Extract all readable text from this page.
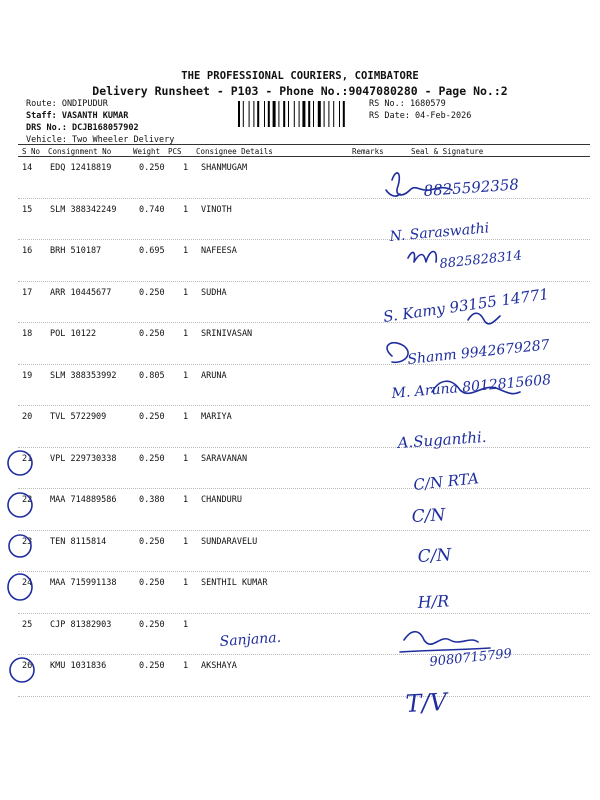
THE PROFESSIONAL COURIERS, COIMBATORE
Delivery Runsheet - P103 - Phone No.:9047080280 - Page No.:2
Route: ONDIPUDUR
Staff: VASANTH KUMAR
DRS No.: DCJB168057902
Vehicle: Two Wheeler Delivery
RS No.: 1680579
RS Date: 04-Feb-2026
S No Consignment No	Weight PCS Consignee Details	Remarks	Seal & Signature
14 EDQ 12418819	0.250 1 SHANMUGAM
15 SLM 388342249	0.740 1 VINOTH
16 BRH 510187	0.695 1 NAFEESA
17 ARR 10445677	0.250 1 SUDHA
18 POL 10122	0.250 1 SRINIVASAN
19 SLM 388353992	0.805 1 ARUNA
20 TVL 5722909	0.250 1 MARIYA
21 VPL 229730338	0.250 1 SARAVANAN
22 MAA 714889586	0.380 1 CHANDURU
23 TEN 8115814	0.250 1 SUNDARAVELU
24 MAA 715991138	0.250 1 SENTHIL KUMAR
25 CJP 81382903	0.250 1
26 KMU 1031836	0.250 1 AKSHAYA
8825592358
N. Saraswathi
8825828314
S. Kamy 93155 14771
Shanm 9942679287
M. Aruna 8012815608
A.Suganthi.
C/N RTA
C/N
C/N
H/R
Sanjana.
9080715799
T/V
